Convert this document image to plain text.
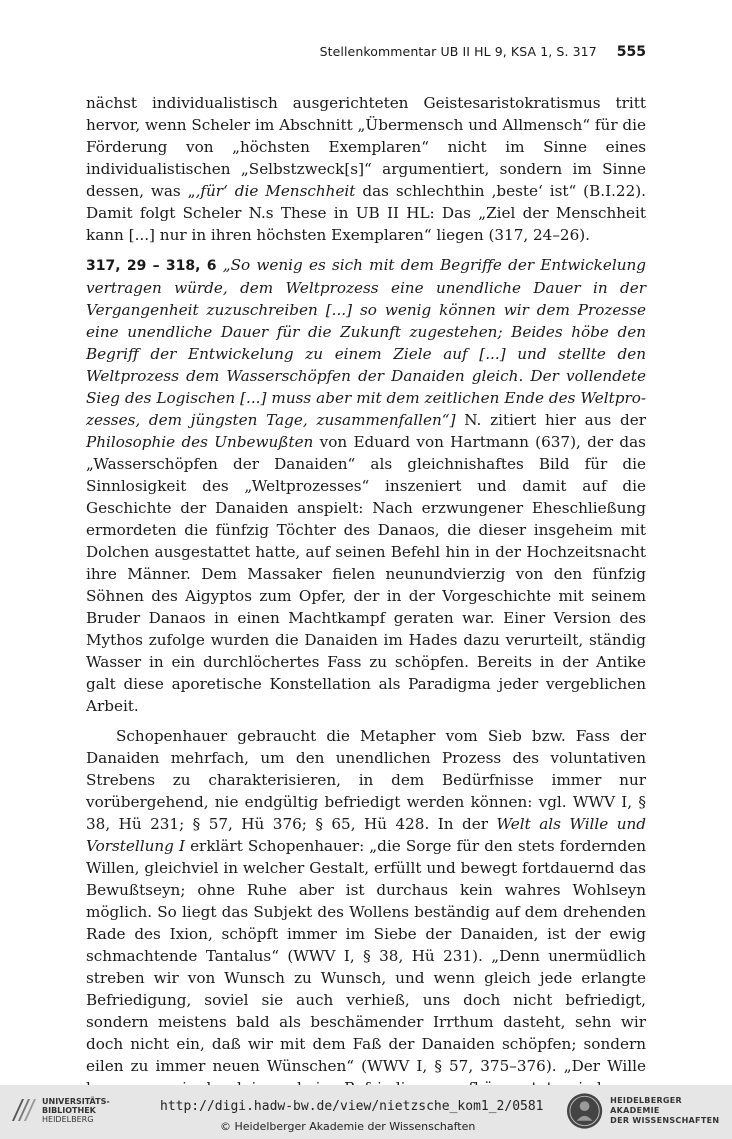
Stellenkommentar UB II HL 9, KSA 1, S. 317 555

nächst individualistisch ausgerichteten Geistesaristokratismus tritt hervor, wenn Scheler im Abschnitt „Übermensch und Allmensch“ für die Förderung von „höchsten Exemplaren“ nicht im Sinne eines individualistischen „Selbstzweck[s]“ argumentiert, sondern im Sinne dessen, was „‚für‘ die Menschheit das schlechthin ‚beste‘ ist“ (B.I.22). Damit folgt Scheler N.s These in UB II HL: Das „Ziel der Menschheit kann [...] nur in ihren höchsten Exemplaren“ liegen (317, 24–26).

317, 29 – 318, 6 „So wenig es sich mit dem Begriffe der Entwickelung vertragen würde, dem Weltprozess eine unendliche Dauer in der Vergangenheit zuzuschreiben [...] so wenig können wir dem Prozesse eine unendliche Dauer für die Zukunft zugestehen; Beides höbe den Begriff der Entwickelung zu einem Ziele auf [...] und stellte den Weltprozess dem Wasserschöpfen der Danaiden gleich. Der vollendete Sieg des Logischen [...] muss aber mit dem zeitlichen Ende des Weltprozesses, dem jüngsten Tage, zusammenfallen“] N. zitiert hier aus der Philosophie des Unbewußten von Eduard von Hartmann (637), der das „Wasserschöpfen der Danaiden“ als gleichnishaftes Bild für die Sinnlosigkeit des „Weltprozesses“ inszeniert und damit auf die Geschichte der Danaiden anspielt: Nach erzwungener Eheschließung ermordeten die fünfzig Töchter des Danaos, die dieser insgeheim mit Dolchen ausgestattet hatte, auf seinen Befehl hin in der Hochzeitsnacht ihre Männer. Dem Massaker fielen neunundvierzig von den fünfzig Söhnen des Aigyptos zum Opfer, der in der Vorgeschichte mit seinem Bruder Danaos in einen Machtkampf geraten war. Einer Version des Mythos zufolge wurden die Danaiden im Hades dazu verurteilt, ständig Wasser in ein durchlöchertes Fass zu schöpfen. Bereits in der Antike galt diese aporetische Konstellation als Paradigma jeder vergeblichen Arbeit.

Schopenhauer gebraucht die Metapher vom Sieb bzw. Fass der Danaiden mehrfach, um den unendlichen Prozess des voluntativen Strebens zu charakterisieren, in dem Bedürfnisse immer nur vorübergehend, nie endgültig befriedigt werden können: vgl. WWV I, § 38, Hü 231; § 57, Hü 376; § 65, Hü 428. In der Welt als Wille und Vorstellung I erklärt Schopenhauer: „die Sorge für den stets fordernden Willen, gleichviel in welcher Gestalt, erfüllt und bewegt fortdauernd das Bewußtseyn; ohne Ruhe aber ist durchaus kein wahres Wohlseyn möglich. So liegt das Subjekt des Wollens beständig auf dem drehenden Rade des Ixion, schöpft immer im Siebe der Danaiden, ist der ewig schmachtende Tantalus“ (WWV I, § 38, Hü 231). „Denn unermüdlich streben wir von Wunsch zu Wunsch, und wenn gleich jede erlangte Befriedigung, soviel sie auch verhieß, uns doch nicht befriedigt, sondern meistens bald als beschämender Irrthum dasteht, sehn wir doch nicht ein, daß wir mit dem Faß der Danaiden schöpfen; sondern eilen zu immer neuen Wünschen“ (WWV I, § 57, 375–376). „Der Wille

UNIVERSITÄTS-
BIBLIOTHEK
HEIDELBERG
http://digi.hadw-bw.de/view/nietzsche_kom1_2/0581
© Heidelberger Akademie der Wissenschaften
HEIDELBERGER AKADEMIE
DER WISSENSCHAFTEN
